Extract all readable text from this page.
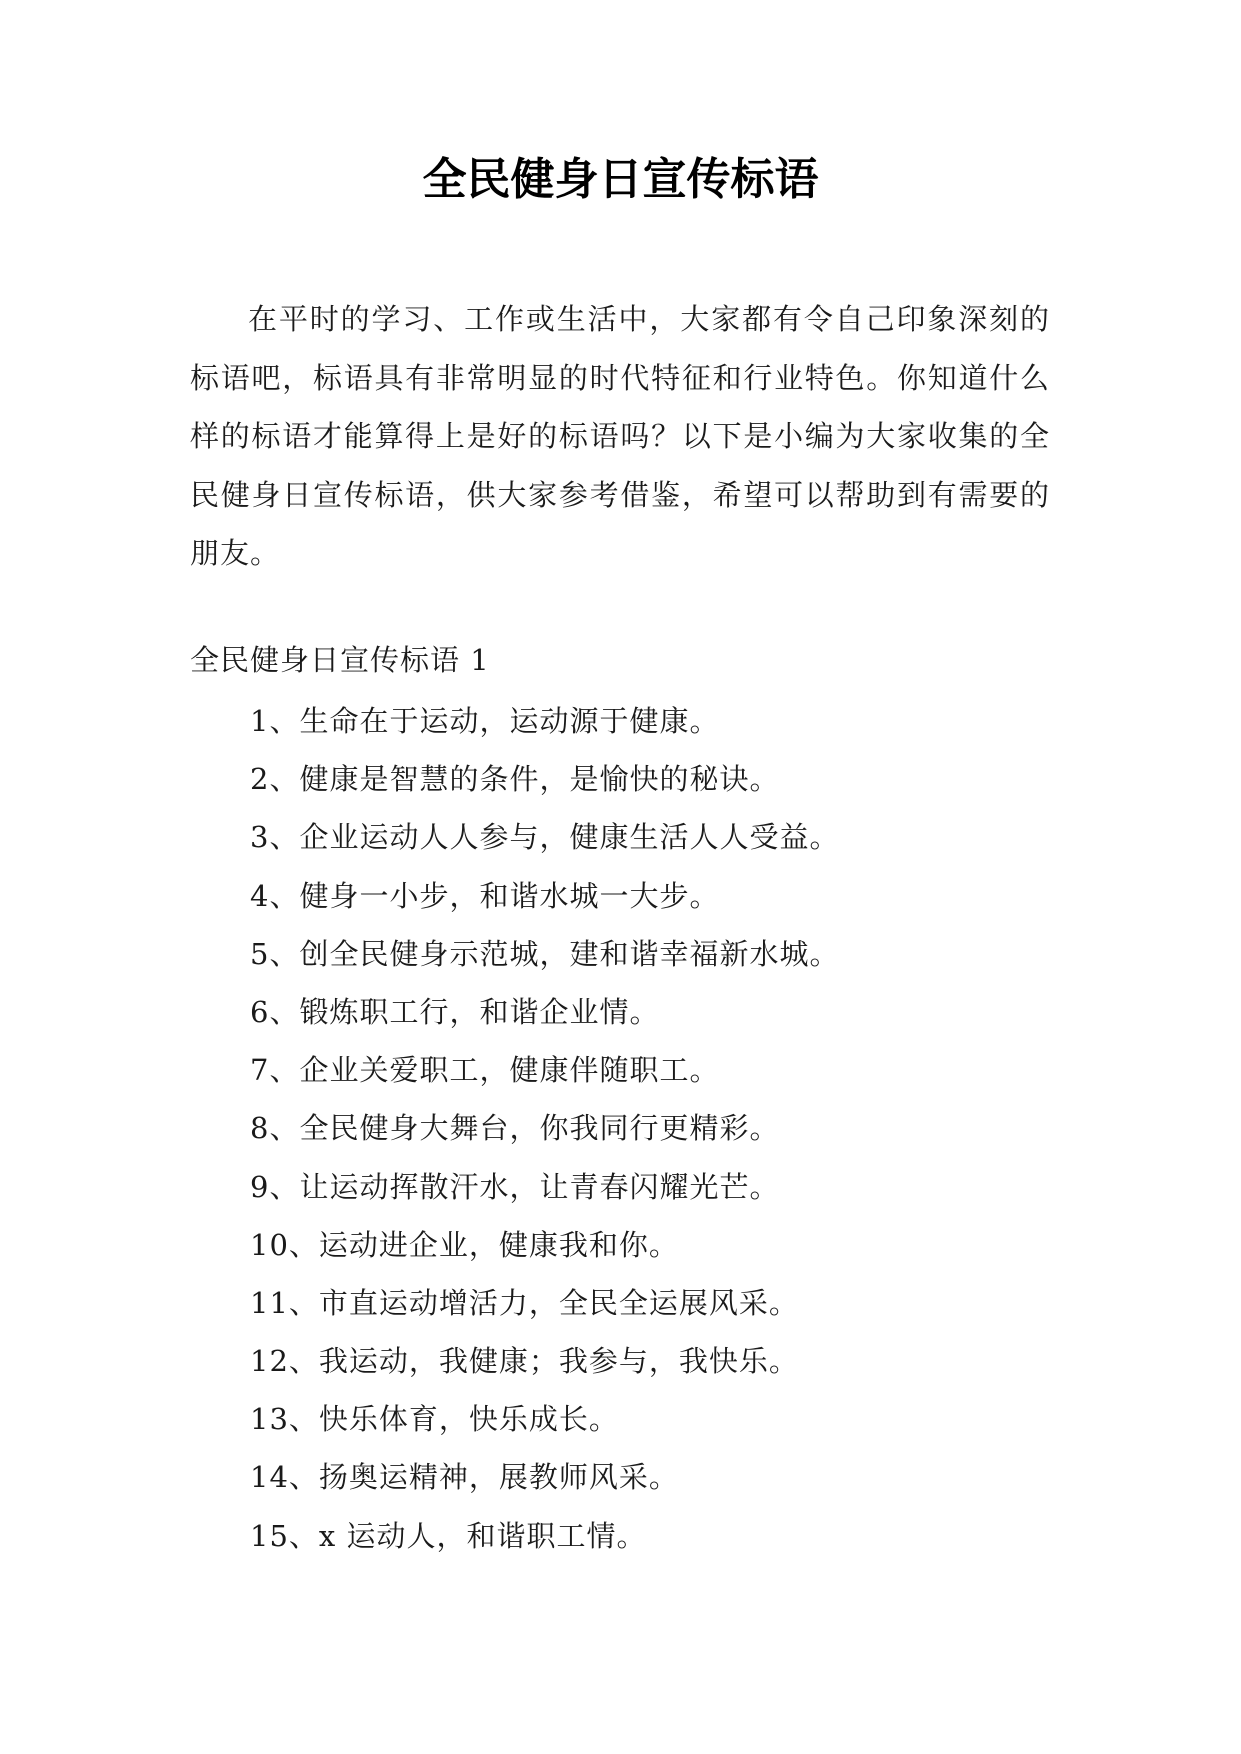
全民健身日宣传标语

在平时的学习、工作或生活中，大家都有令自己印象深刻的标语吧，标语具有非常明显的时代特征和行业特色。你知道什么样的标语才能算得上是好的标语吗？以下是小编为大家收集的全民健身日宣传标语，供大家参考借鉴，希望可以帮助到有需要的朋友。

全民健身日宣传标语 1

1、生命在于运动，运动源于健康。
2、健康是智慧的条件，是愉快的秘诀。
3、企业运动人人参与，健康生活人人受益。
4、健身一小步，和谐水城一大步。
5、创全民健身示范城，建和谐幸福新水城。
6、锻炼职工行，和谐企业情。
7、企业关爱职工，健康伴随职工。
8、全民健身大舞台，你我同行更精彩。
9、让运动挥散汗水，让青春闪耀光芒。
10、运动进企业，健康我和你。
11、市直运动增活力，全民全运展风采。
12、我运动，我健康；我参与，我快乐。
13、快乐体育，快乐成长。
14、扬奥运精神，展教师风采。
15、x 运动人，和谐职工情。
